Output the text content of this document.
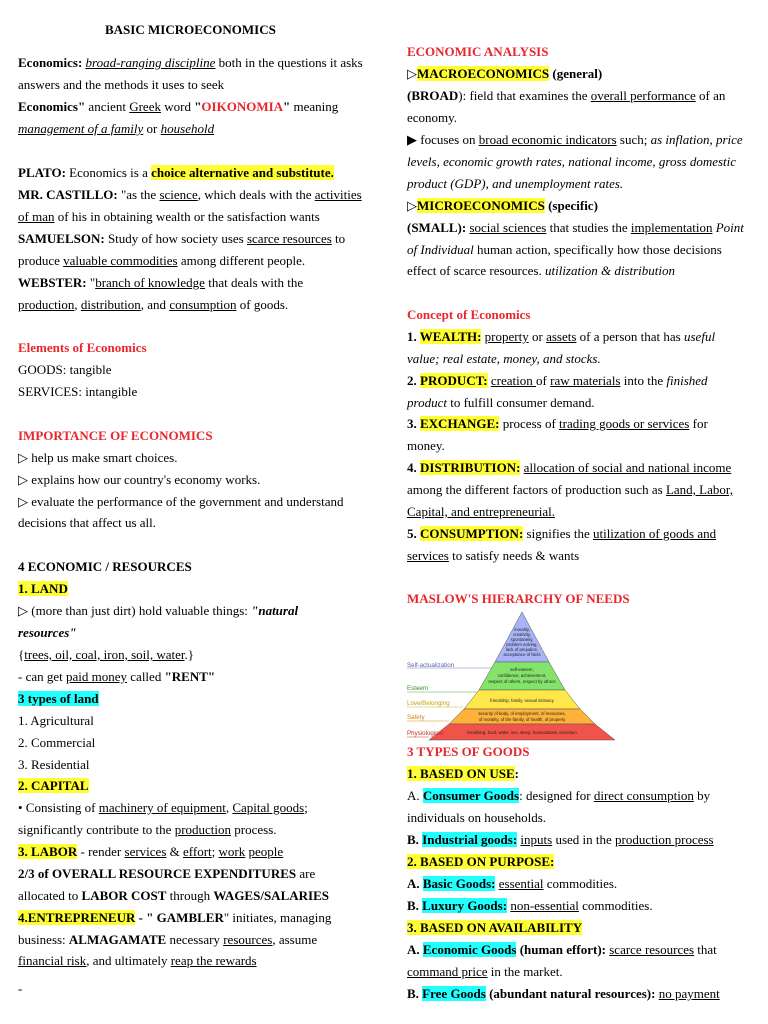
BASIC MICROECONOMICS
Economics: broad-ranging discipline both in the questions it asks
answers and the methods it uses to seek
Economics" ancient Greek word "OIKONOMIA" meaning
management of a family or household
PLATO: Economics is a choice alternative and substitute.
MR. CASTILLO: "as the science, which deals with the activities
of man of his in obtaining wealth or the satisfaction wants
SAMUELSON: Study of how society uses scarce resources to
produce valuable commodities among different people.
WEBSTER: "branch of knowledge that deals with the
production, distribution, and consumption of goods.
Elements of Economics
GOODS: tangible
SERVICES: intangible
IMPORTANCE OF ECONOMICS
▷ help us make smart choices.
▷ explains how our country's economy works.
▷ evaluate the performance of the government and understand
decisions that affect us all.
4 ECONOMIC / RESOURCES
1. LAND
▷ (more than just dirt) hold valuable things: "natural
resources"
{trees, oil, coal, iron, soil, water.}
- can get paid money called "RENT"
3 types of land
1. Agricultural
2. Commercial
3. Residential
2. CAPITAL
• Consisting of machinery of equipment, Capital goods;
significantly contribute to the production process.
3. LABOR - render services & effort; work people
2/3 of OVERALL RESOURCE EXPENDITURES are
allocated to LABOR COST through WAGES/SALARIES
4.ENTREPRENEUR - " GAMBLER" initiates, managing
business: ALMAGAMATE necessary resources, assume
financial risk, and ultimately reap the rewards
-
ECONOMIC ANALYSIS
▷MACROECONOMICS (general)
(BROAD): field that examines the overall performance of an
economy.
▶ focuses on broad economic indicators such; as inflation, price
levels, economic growth rates, national income, gross domestic
product (GDP), and unemployment rates.
▷MICROECONOMICS (specific)
(SMALL): social sciences that studies the implementation Point
of Individual human action, specifically how those decisions
effect of scarce resources. utilization & distribution
Concept of Economics
1. WEALTH: property or assets of a person that has useful
value; real estate, money, and stocks.
2. PRODUCT: creation of raw materials into the finished
product to fulfill consumer demand.
3. EXCHANGE: process of trading goods or services for
money.
4. DISTRIBUTION: allocation of social and national income
among the different factors of production such as Land, Labor,
Capital, and entrepreneurial.
5. CONSUMPTION: signifies the utilization of goods and
services to satisfy needs & wants
MASLOW'S HIERARCHY OF NEEDS
morality,
creativity,
spontaneity,
problem solving,
lack of prejudice,
acceptance of facts
self-esteem,
confidence, achievement,
respect of others, respect by others
friendship, family, sexual intimacy
security of body, of employment, of resources,
of morality, of the family, of health, of property
breathing, food, water, sex, sleep, homeostasis, excretion
Self-actualization
Esteem
Love/Belonging
Safety
Physiological
3 TYPES OF GOODS
1. BASED ON USE:
A. Consumer Goods: designed for direct consumption by
individuals on households.
B. Industrial goods: inputs used in the production process
2. BASED ON PURPOSE:
A. Basic Goods: essential commodities.
B. Luxury Goods: non-essential commodities.
3. BASED ON AVAILABILITY
A. Economic Goods (human effort): scarce resources that
command price in the market.
B. Free Goods (abundant natural resources): no payment
